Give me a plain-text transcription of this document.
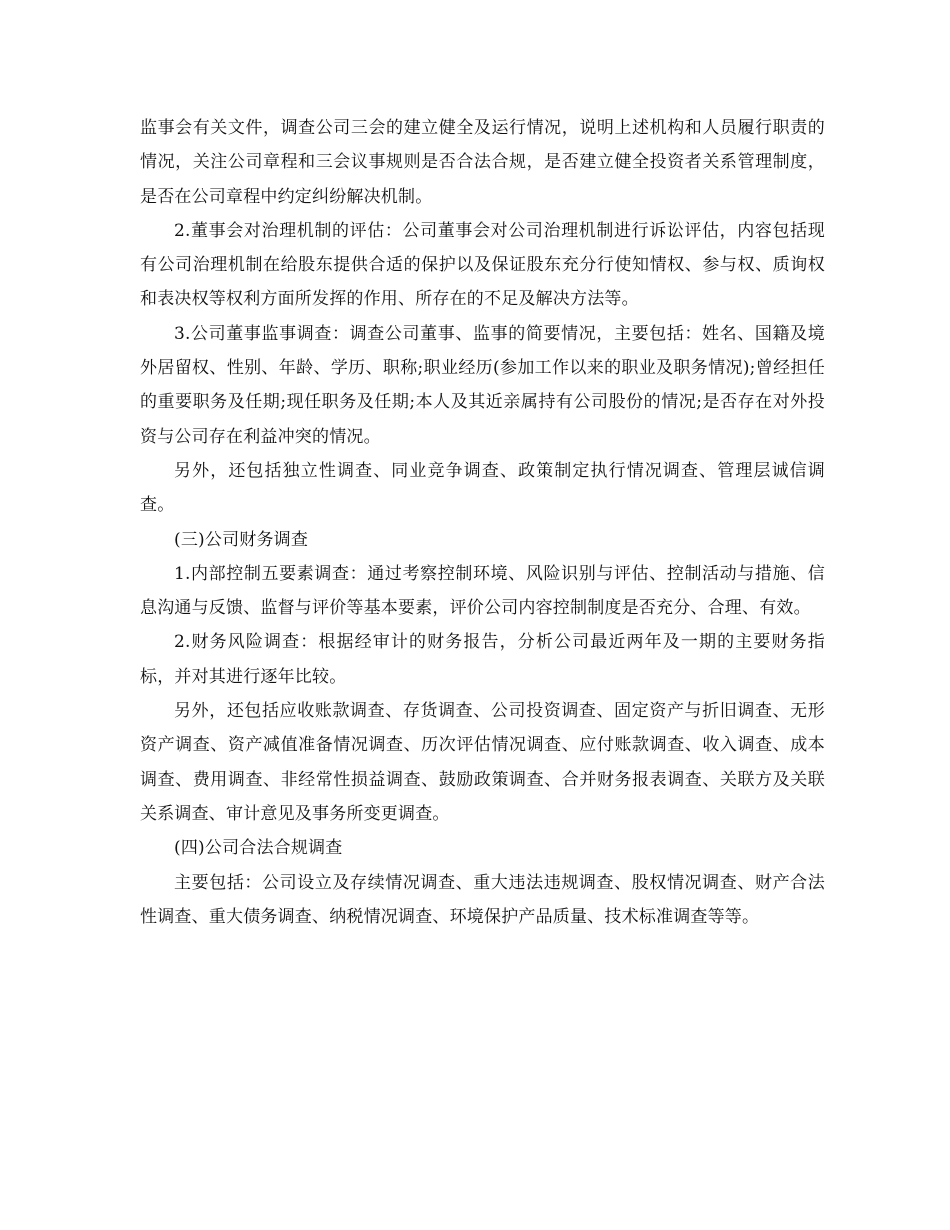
监事会有关文件，调查公司三会的建立健全及运行情况，说明上述机构和人员履行职责的情况，关注公司章程和三会议事规则是否合法合规，是否建立健全投资者关系管理制度，是否在公司章程中约定纠纷解决机制。

2.董事会对治理机制的评估：公司董事会对公司治理机制进行诉讼评估，内容包括现有公司治理机制在给股东提供合适的保护以及保证股东充分行使知情权、参与权、质询权和表决权等权利方面所发挥的作用、所存在的不足及解决方法等。

3.公司董事监事调查：调查公司董事、监事的简要情况，主要包括：姓名、国籍及境外居留权、性别、年龄、学历、职称;职业经历(参加工作以来的职业及职务情况);曾经担任的重要职务及任期;现任职务及任期;本人及其近亲属持有公司股份的情况;是否存在对外投资与公司存在利益冲突的情况。

另外，还包括独立性调查、同业竞争调查、政策制定执行情况调查、管理层诚信调查。

(三)公司财务调查

1.内部控制五要素调查：通过考察控制环境、风险识别与评估、控制活动与措施、信息沟通与反馈、监督与评价等基本要素，评价公司内容控制制度是否充分、合理、有效。

2.财务风险调查：根据经审计的财务报告，分析公司最近两年及一期的主要财务指标，并对其进行逐年比较。

另外，还包括应收账款调查、存货调查、公司投资调查、固定资产与折旧调查、无形资产调查、资产减值准备情况调查、历次评估情况调查、应付账款调查、收入调查、成本调查、费用调查、非经常性损益调查、鼓励政策调查、合并财务报表调查、关联方及关联关系调查、审计意见及事务所变更调查。

(四)公司合法合规调查

主要包括：公司设立及存续情况调查、重大违法违规调查、股权情况调查、财产合法性调查、重大债务调查、纳税情况调查、环境保护产品质量、技术标准调查等等。
